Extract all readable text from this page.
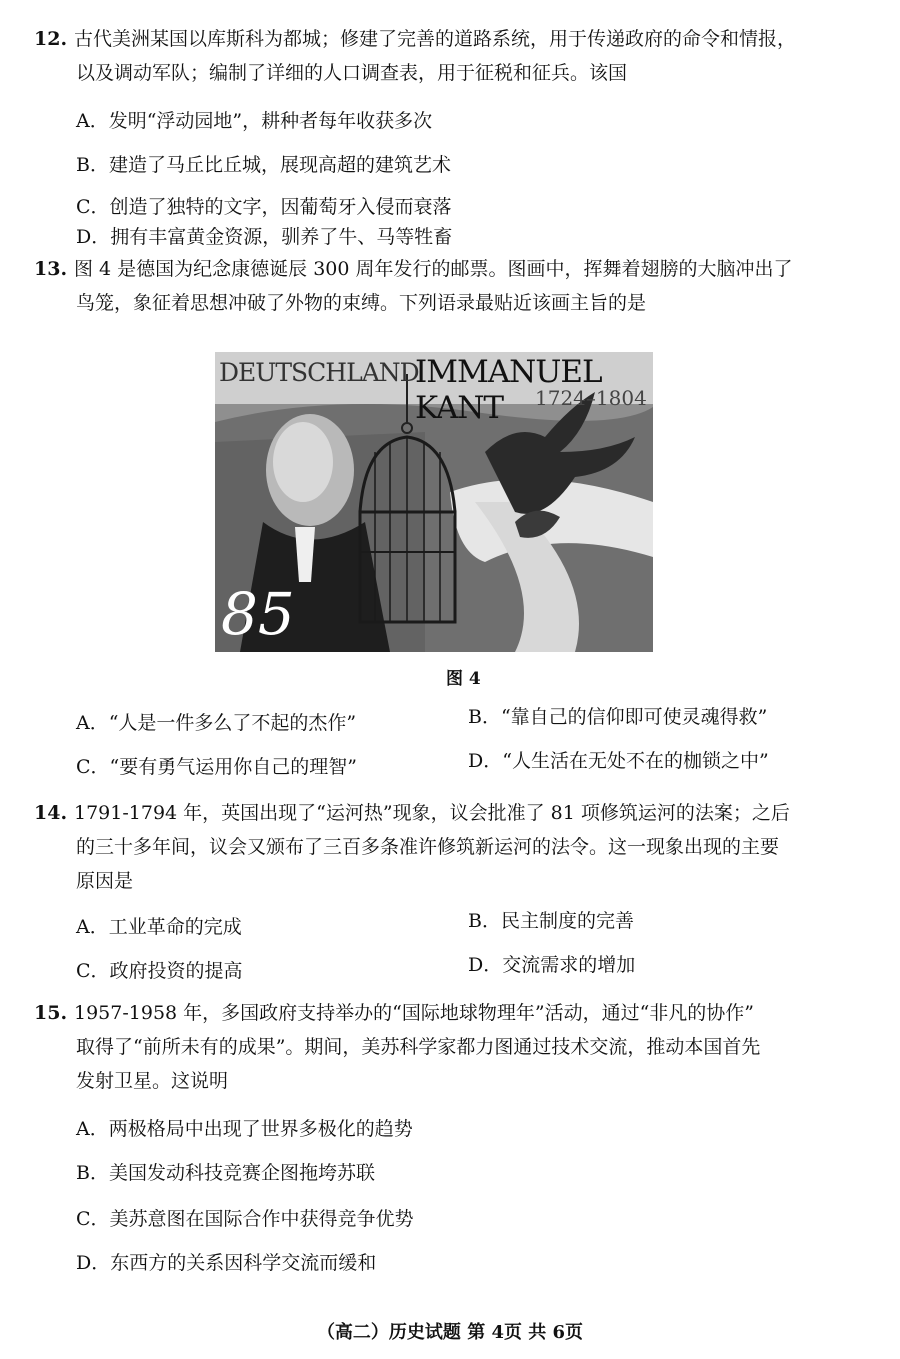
12. 古代美洲某国以库斯科为都城；修建了完善的道路系统，用于传递政府的命令和情报，
以及调动军队；编制了详细的人口调查表，用于征税和征兵。该国
A．发明“浮动园地”，耕种者每年收获多次
B．建造了马丘比丘城，展现高超的建筑艺术
C．创造了独特的文字，因葡萄牙入侵而衰落
D．拥有丰富黄金资源，驯养了牛、马等牲畜
13. 图 4 是德国为纪念康德诞辰 300 周年发行的邮票。图画中，挥舞着翅膀的大脑冲出了
鸟笼，象征着思想冲破了外物的束缚。下列语录最贴近该画主旨的是
DEUTSCHLAND
IMMANUEL KANT	1724–1804
85
图 4
A．“人是一件多么了不起的杰作”	B．“靠自己的信仰即可使灵魂得救”
C．“要有勇气运用你自己的理智”	D．“人生活在无处不在的枷锁之中”
14. 1791-1794 年，英国出现了“运河热”现象，议会批准了 81 项修筑运河的法案；之后
的三十多年间，议会又颁布了三百多条准许修筑新运河的法令。这一现象出现的主要
原因是
A．工业革命的完成	B．民主制度的完善
C．政府投资的提高	D．交流需求的增加
15. 1957-1958 年，多国政府支持举办的“国际地球物理年”活动，通过“非凡的协作”
取得了“前所未有的成果”。期间，美苏科学家都力图通过技术交流，推动本国首先
发射卫星。这说明
A．两极格局中出现了世界多极化的趋势
B．美国发动科技竞赛企图拖垮苏联
C．美苏意图在国际合作中获得竞争优势
D．东西方的关系因科学交流而缓和
（高二）历史试题 第 4页 共 6页
